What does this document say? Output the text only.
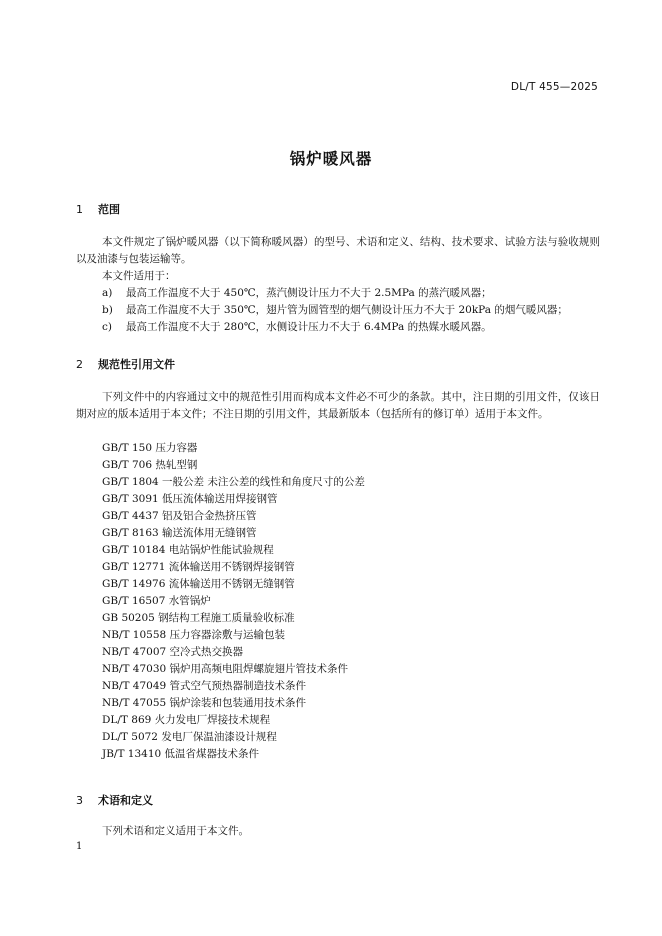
DL/T 455—2025
锅炉暖风器
1 范围
本文件规定了锅炉暖风器（以下简称暖风器）的型号、术语和定义、结构、技术要求、试验方法与验收规则以及油漆与包装运输等。
本文件适用于：
a) 最高工作温度不大于 450℃，蒸汽侧设计压力不大于 2.5MPa 的蒸汽暖风器；
b) 最高工作温度不大于 350℃，翅片管为圆管型的烟气侧设计压力不大于 20kPa 的烟气暖风器；
c) 最高工作温度不大于 280℃，水侧设计压力不大于 6.4MPa 的热媒水暖风器。
2 规范性引用文件
下列文件中的内容通过文中的规范性引用而构成本文件必不可少的条款。其中，注日期的引用文件，仅该日期对应的版本适用于本文件；不注日期的引用文件，其最新版本（包括所有的修订单）适用于本文件。
GB/T 150 压力容器
GB/T 706 热轧型钢
GB/T 1804 一般公差 未注公差的线性和角度尺寸的公差
GB/T 3091 低压流体输送用焊接钢管
GB/T 4437 铝及铝合金热挤压管
GB/T 8163 输送流体用无缝钢管
GB/T 10184 电站锅炉性能试验规程
GB/T 12771 流体输送用不锈钢焊接钢管
GB/T 14976 流体输送用不锈钢无缝钢管
GB/T 16507 水管锅炉
GB 50205 钢结构工程施工质量验收标准
NB/T 10558 压力容器涂敷与运输包装
NB/T 47007 空冷式热交换器
NB/T 47030 锅炉用高频电阻焊螺旋翅片管技术条件
NB/T 47049 管式空气预热器制造技术条件
NB/T 47055 锅炉涂装和包装通用技术条件
DL/T 869 火力发电厂焊接技术规程
DL/T 5072 发电厂保温油漆设计规程
JB/T 13410 低温省煤器技术条件
3 术语和定义
下列术语和定义适用于本文件。
1
